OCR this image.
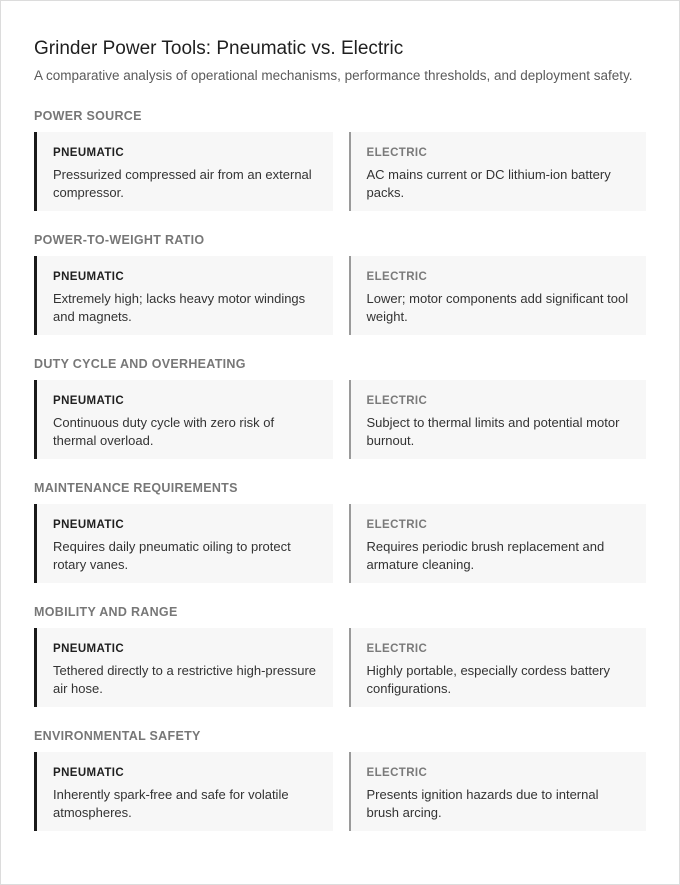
Grinder Power Tools: Pneumatic vs. Electric

A comparative analysis of operational mechanisms, performance thresholds, and deployment safety.

POWER SOURCE
PNEUMATIC
Pressurized compressed air from an external compressor.
ELECTRIC
AC mains current or DC lithium-ion battery packs.
POWER-TO-WEIGHT RATIO
PNEUMATIC
Extremely high; lacks heavy motor windings and magnets.
ELECTRIC
Lower; motor components add significant tool weight.
DUTY CYCLE AND OVERHEATING
PNEUMATIC
Continuous duty cycle with zero risk of thermal overload.
ELECTRIC
Subject to thermal limits and potential motor burnout.
MAINTENANCE REQUIREMENTS
PNEUMATIC
Requires daily pneumatic oiling to protect rotary vanes.
ELECTRIC
Requires periodic brush replacement and armature cleaning.
MOBILITY AND RANGE
PNEUMATIC
Tethered directly to a restrictive high-pressure air hose.
ELECTRIC
Highly portable, especially cordess battery configurations.
ENVIRONMENTAL SAFETY
PNEUMATIC
Inherently spark-free and safe for volatile atmospheres.
ELECTRIC
Presents ignition hazards due to internal brush arcing.
